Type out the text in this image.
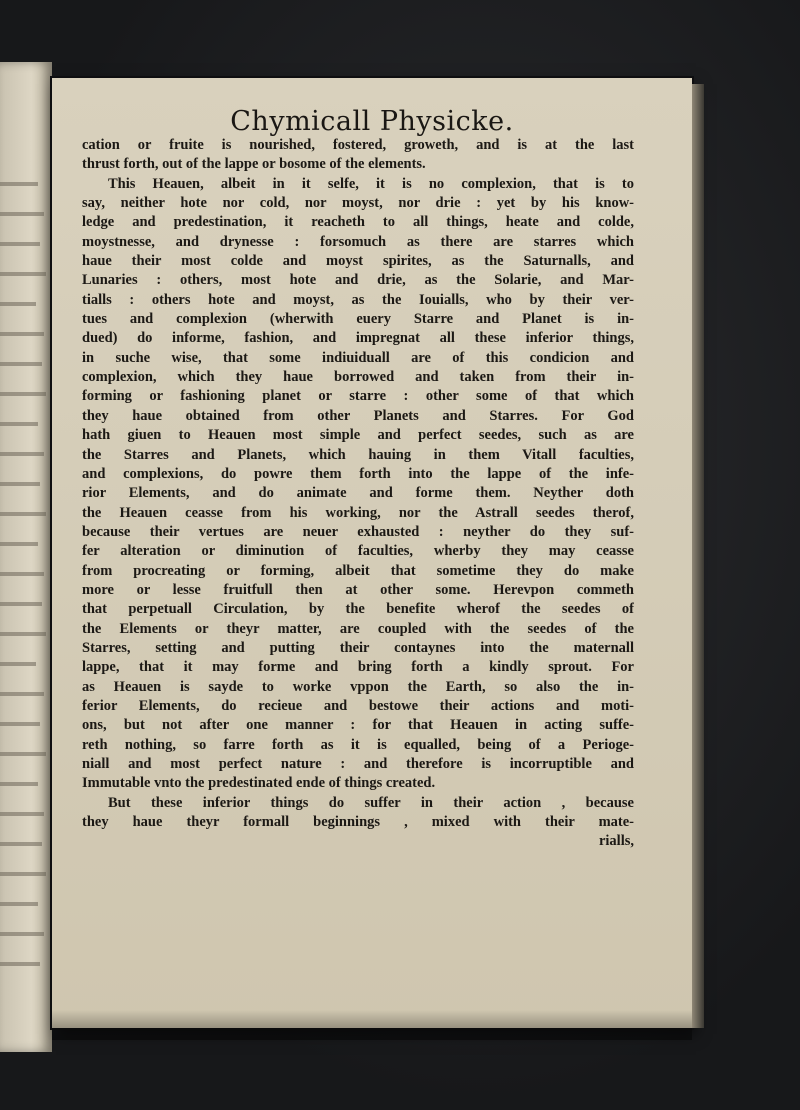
Chymicall Physicke.
cation or fruite is nourished, fostered, groweth, and is at the last
thrust forth, out of the lappe or bosome of the elements.
This Heauen, albeit in it selfe, it is no complexion, that is to
say, neither hote nor cold, nor moyst, nor drie : yet by his know-
ledge and predestination, it reacheth to all things, heate and colde,
moystnesse, and drynesse : forsomuch as there are starres which
haue their most colde and moyst spirites, as the Saturnalls, and
Lunaries : others, most hote and drie, as the Solarie, and Mar-
tialls : others hote and moyst, as the Iouialls, who by their ver-
tues and complexion (wherwith euery Starre and Planet is in-
dued) do informe, fashion, and impregnat all these inferior things,
in suche wise, that some indiuiduall are of this condicion and
complexion, which they haue borrowed and taken from their in-
forming or fashioning planet or starre : other some of that which
they haue obtained from other Planets and Starres. For God
hath giuen to Heauen most simple and perfect seedes, such as are
the Starres and Planets, which hauing in them Vitall faculties,
and complexions, do powre them forth into the lappe of the infe-
rior Elements, and do animate and forme them. Neyther doth
the Heauen ceasse from his working, nor the Astrall seedes therof,
because their vertues are neuer exhausted : neyther do they suf-
fer alteration or diminution of faculties, wherby they may ceasse
from procreating or forming, albeit that sometime they do make
more or lesse fruitfull then at other some. Herevpon commeth
that perpetuall Circulation, by the benefite wherof the seedes of
the Elements or theyr matter, are coupled with the seedes of the
Starres, setting and putting their contaynes into the maternall
lappe, that it may forme and bring forth a kindly sprout. For
as Heauen is sayde to worke vppon the Earth, so also the in-
ferior Elements, do recieue and bestowe their actions and moti-
ons, but not after one manner : for that Heauen in acting suffe-
reth nothing, so farre forth as it is equalled, being of a Perioge-
niall and most perfect nature : and therefore is incorruptible and
Immutable vnto the predestinated ende of things created.
But these inferior things do suffer in their action , because
they haue theyr formall beginnings , mixed with their mate-
rialls,
